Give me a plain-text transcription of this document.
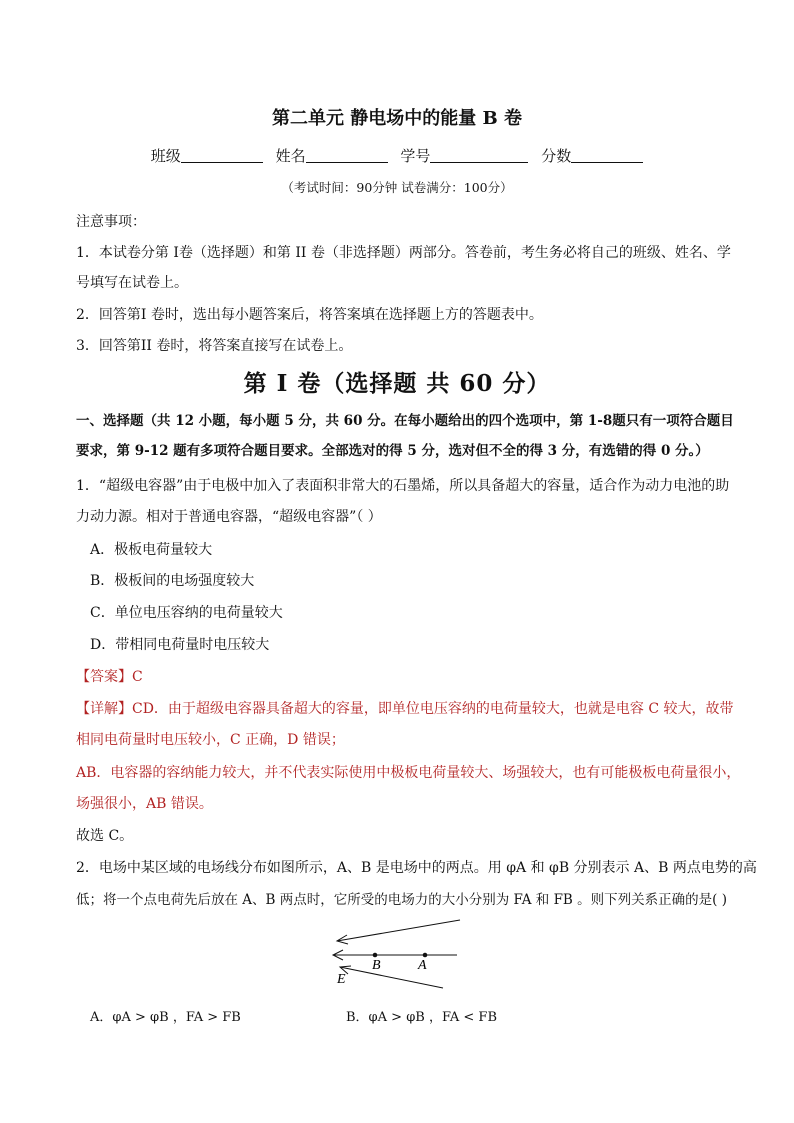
第二单元 静电场中的能量 B 卷
班级	姓名	学号	分数
（考试时间：90分钟 试卷满分：100分）
注意事项：
1．本试卷分第 I卷（选择题）和第 II 卷（非选择题）两部分。答卷前，考生务必将自己的班级、姓名、学
号填写在试卷上。
2．回答第I 卷时，选出每小题答案后，将答案填在选择题上方的答题表中。
3．回答第II 卷时，将答案直接写在试卷上。
第 I 卷（选择题 共 60 分）
一、选择题（共 12 小题，每小题 5 分，共 60 分。在每小题给出的四个选项中，第 1-8题只有一项符合题目
要求，第 9-12 题有多项符合题目要求。全部选对的得 5 分，选对但不全的得 3 分，有选错的得 0 分。）
1．“超级电容器”由于电极中加入了表面积非常大的石墨烯，所以具备超大的容量，适合作为动力电池的助
力动力源。相对于普通电容器，“超级电容器”（ ）
A．极板电荷量较大
B．极板间的电场强度较大
C．单位电压容纳的电荷量较大
D．带相同电荷量时电压较大
【答案】C
【详解】CD．由于超级电容器具备超大的容量，即单位电压容纳的电荷量较大，也就是电容 C 较大，故带
相同电荷量时电压较小，C 正确，D 错误；
AB．电容器的容纳能力较大，并不代表实际使用中极板电荷量较大、场强较大，也有可能极板电荷量很小，
场强很小，AB 错误。
故选 C。
2．电场中某区域的电场线分布如图所示，A、B 是电场中的两点。用 φA 和 φB 分别表示 A、B 两点电势的高
低；将一个点电荷先后放在 A、B 两点时，它所受的电场力的大小分别为 FA 和 FB 。则下列关系正确的是( )
B	A
E
A．φA > φB ，FA > FB	B．φA > φB ，FA < FB
